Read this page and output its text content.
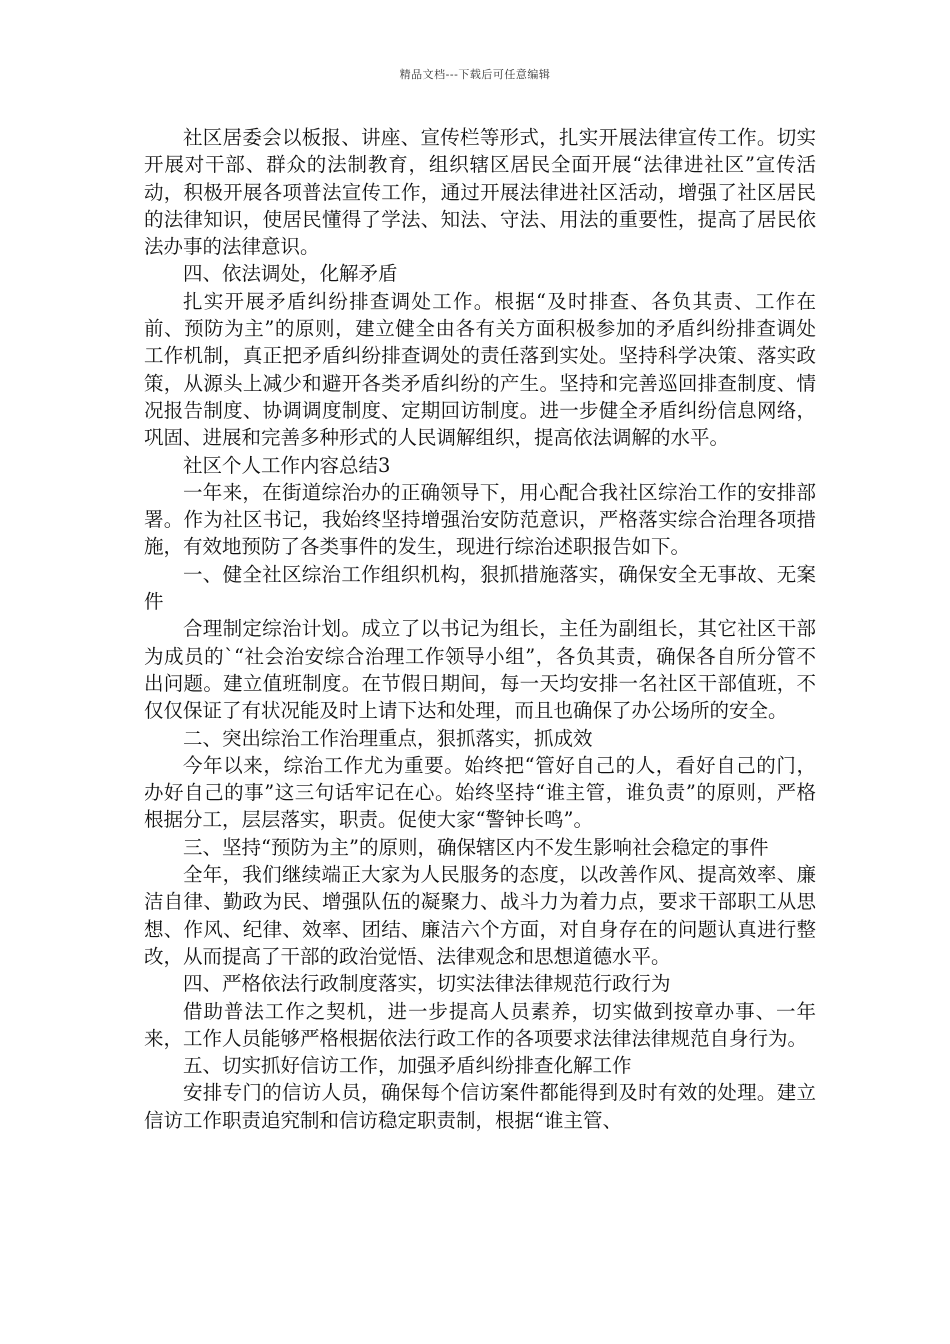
精品文档---下载后可任意编辑

社区居委会以板报、讲座、宣传栏等形式，扎实开展法律宣传工作。切实开展对干部、群众的法制教育，组织辖区居民全面开展“法律进社区”宣传活动，积极开展各项普法宣传工作，通过开展法律进社区活动，增强了社区居民的法律知识，使居民懂得了学法、知法、守法、用法的重要性，提高了居民依法办事的法律意识。

四、依法调处，化解矛盾

扎实开展矛盾纠纷排查调处工作。根据“及时排查、各负其责、工作在前、预防为主”的原则，建立健全由各有关方面积极参加的矛盾纠纷排查调处工作机制，真正把矛盾纠纷排查调处的责任落到实处。坚持科学决策、落实政策，从源头上减少和避开各类矛盾纠纷的产生。坚持和完善巡回排查制度、情况报告制度、协调调度制度、定期回访制度。进一步健全矛盾纠纷信息网络，巩固、进展和完善多种形式的人民调解组织，提高依法调解的水平。

社区个人工作内容总结3

一年来，在街道综治办的正确领导下，用心配合我社区综治工作的安排部署。作为社区书记，我始终坚持增强治安防范意识，严格落实综合治理各项措施，有效地预防了各类事件的发生，现进行综治述职报告如下。

一、健全社区综治工作组织机构，狠抓措施落实，确保安全无事故、无案件

合理制定综治计划。成立了以书记为组长，主任为副组长，其它社区干部为成员的`“社会治安综合治理工作领导小组”，各负其责，确保各自所分管不出问题。建立值班制度。在节假日期间，每一天均安排一名社区干部值班，不仅仅保证了有状况能及时上请下达和处理，而且也确保了办公场所的安全。

二、突出综治工作治理重点，狠抓落实，抓成效

今年以来，综治工作尤为重要。始终把“管好自己的人，看好自己的门，办好自己的事”这三句话牢记在心。始终坚持“谁主管，谁负责”的原则，严格根据分工，层层落实，职责。促使大家“警钟长鸣”。

三、坚持“预防为主”的原则，确保辖区内不发生影响社会稳定的事件

全年，我们继续端正大家为人民服务的态度，以改善作风、提高效率、廉洁自律、勤政为民、增强队伍的凝聚力、战斗力为着力点，要求干部职工从思想、作风、纪律、效率、团结、廉洁六个方面，对自身存在的问题认真进行整改，从而提高了干部的政治觉悟、法律观念和思想道德水平。

四、严格依法行政制度落实，切实法律法律规范行政行为

借助普法工作之契机，进一步提高人员素养，切实做到按章办事、一年来，工作人员能够严格根据依法行政工作的各项要求法律法律规范自身行为。

五、切实抓好信访工作，加强矛盾纠纷排查化解工作

安排专门的信访人员，确保每个信访案件都能得到及时有效的处理。建立信访工作职责追究制和信访稳定职责制，根据“谁主管、
